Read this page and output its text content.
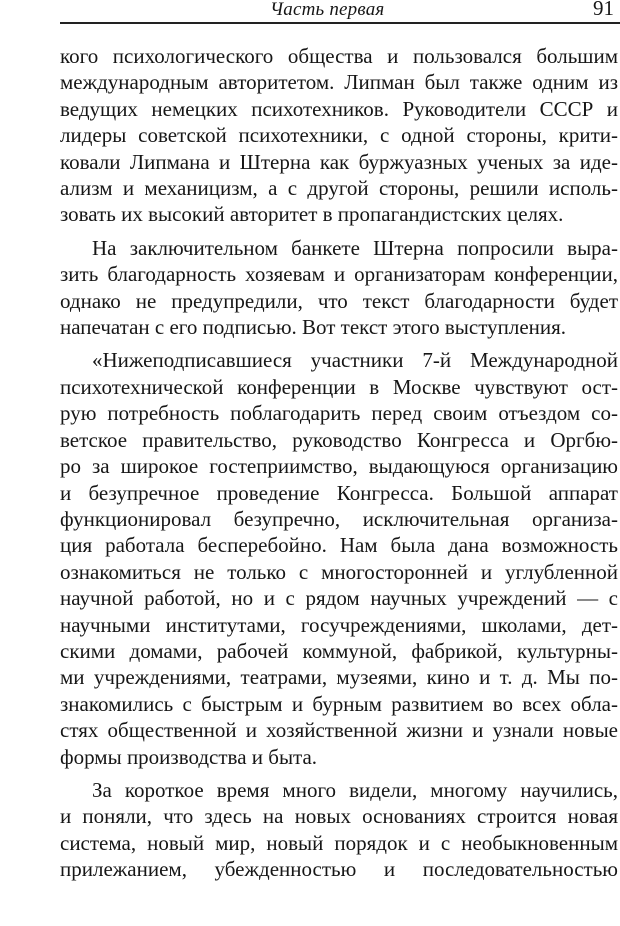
Часть первая	91
кого психологического общества и пользовался большим
международным авторитетом. Липман был также одним из
ведущих немецких психотехников. Руководители СССР и
лидеры советской психотехники, с одной стороны, крити-
ковали Липмана и Штерна как буржуазных ученых за иде-
ализм и механицизм, а с другой стороны, решили исполь-
зовать их высокий авторитет в пропагандистских целях.
На заключительном банкете Штерна попросили выра-
зить благодарность хозяевам и организаторам конференции,
однако не предупредили, что текст благодарности будет
напечатан с его подписью. Вот текст этого выступления.
«Нижеподписавшиеся участники 7-й Международной
психотехнической конференции в Москве чувствуют ост-
рую потребность поблагодарить перед своим отъездом со-
ветское правительство, руководство Конгресса и Оргбю-
ро за широкое гостеприимство, выдающуюся организацию
и безупречное проведение Конгресса. Большой аппарат
функционировал безупречно, исключительная организа-
ция работала бесперебойно. Нам была дана возможность
ознакомиться не только с многосторонней и углубленной
научной работой, но и с рядом научных учреждений — с
научными институтами, госучреждениями, школами, дет-
скими домами, рабочей коммуной, фабрикой, культурны-
ми учреждениями, театрами, музеями, кино и т. д. Мы по-
знакомились с быстрым и бурным развитием во всех обла-
стях общественной и хозяйственной жизни и узнали новые
формы производства и быта.
За короткое время много видели, многому научились,
и поняли, что здесь на новых основаниях строится новая
система, новый мир, новый порядок и с необыкновенным
прилежанием, убежденностью и последовательностью
